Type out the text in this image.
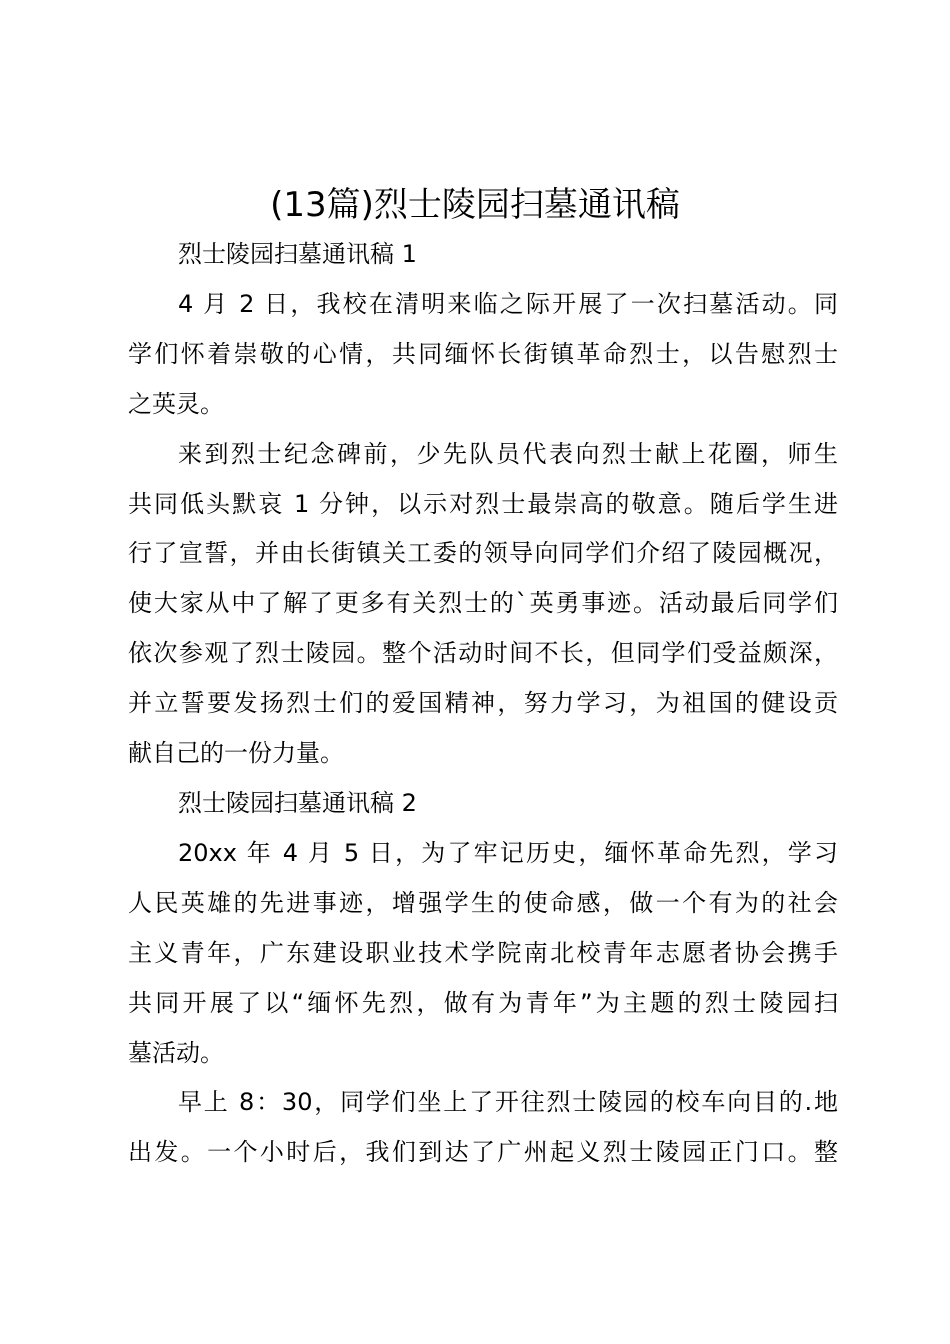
(13篇)烈士陵园扫墓通讯稿
烈士陵园扫墓通讯稿 1
4 月 2 日，我校在清明来临之际开展了一次扫墓活动。同
学们怀着崇敬的心情，共同缅怀长街镇革命烈士，以告慰烈士
之英灵。
来到烈士纪念碑前，少先队员代表向烈士献上花圈，师生
共同低头默哀 1 分钟，以示对烈士最崇高的敬意。随后学生进
行了宣誓，并由长街镇关工委的领导向同学们介绍了陵园概况，
使大家从中了解了更多有关烈士的`英勇事迹。活动最后同学们
依次参观了烈士陵园。整个活动时间不长，但同学们受益颇深，
并立誓要发扬烈士们的爱国精神，努力学习，为祖国的健设贡
献自己的一份力量。
烈士陵园扫墓通讯稿 2
20xx 年 4 月 5 日，为了牢记历史，缅怀革命先烈，学习
人民英雄的先进事迹，增强学生的使命感，做一个有为的社会
主义青年，广东建设职业技术学院南北校青年志愿者协会携手
共同开展了以“缅怀先烈，做有为青年”为主题的烈士陵园扫
墓活动。
早上 8：30，同学们坐上了开往烈士陵园的校车向目的.地
出发。一个小时后，我们到达了广州起义烈士陵园正门口。整
